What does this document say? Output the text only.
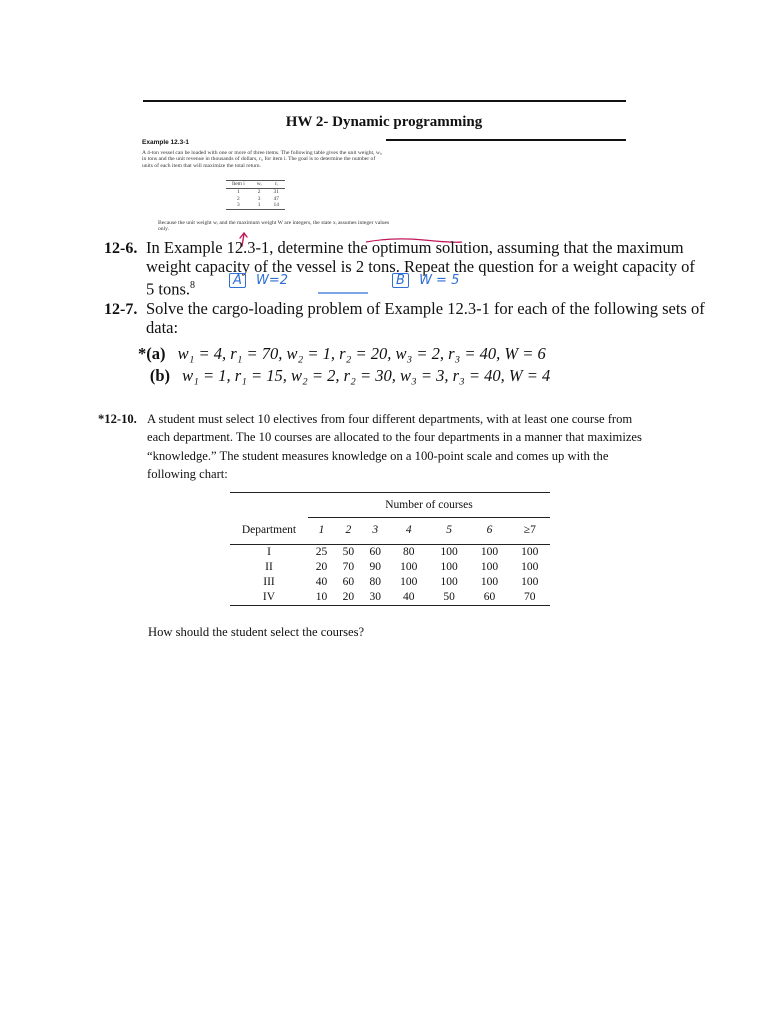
HW 2- Dynamic programming
Example 12.3-1
A 4-ton vessel can be loaded with one or more of three items. The following table gives the unit weight, wᵢ, in tons and the unit revenue in thousands of dollars, rᵢ, for item i. The goal is to determine the number of units of each item that will maximize the total return.
Item i	wᵢ	rᵢ
1	2	31
2	3	47
3	1	14
Because the unit weight wᵢ and the maximum weight W are integers, the state xᵢ assumes integer values only.
12-6. In Example 12.3-1, determine the optimum solution, assuming that the maximum weight capacity of the vessel is 2 tons. Repeat the question for a weight capacity of 5 tons.$^8$	A W=2	B W = 5
12-7. Solve the cargo-loading problem of Example 12.3-1 for each of the following sets of data:
*(a) w₁ = 4, r₁ = 70, w₂ = 1, r₂ = 20, w₃ = 2, r₃ = 40, W = 6
(b) w₁ = 1, r₁ = 15, w₂ = 2, r₂ = 30, w₃ = 3, r₃ = 40, W = 4
*12-10. A student must select 10 electives from four different departments, with at least one course from each department. The 10 courses are allocated to the four departments in a manner that maximizes “knowledge.” The student measures knowledge on a 100-point scale and comes up with the following chart:
	Number of courses						
Department	1	2	3	4	5	6	≥7
I	25	50	60	80	100	100	100
II	20	70	90	100	100	100	100
III	40	60	80	100	100	100	100
IV	10	20	30	40	50	60	70
How should the student select the courses?
